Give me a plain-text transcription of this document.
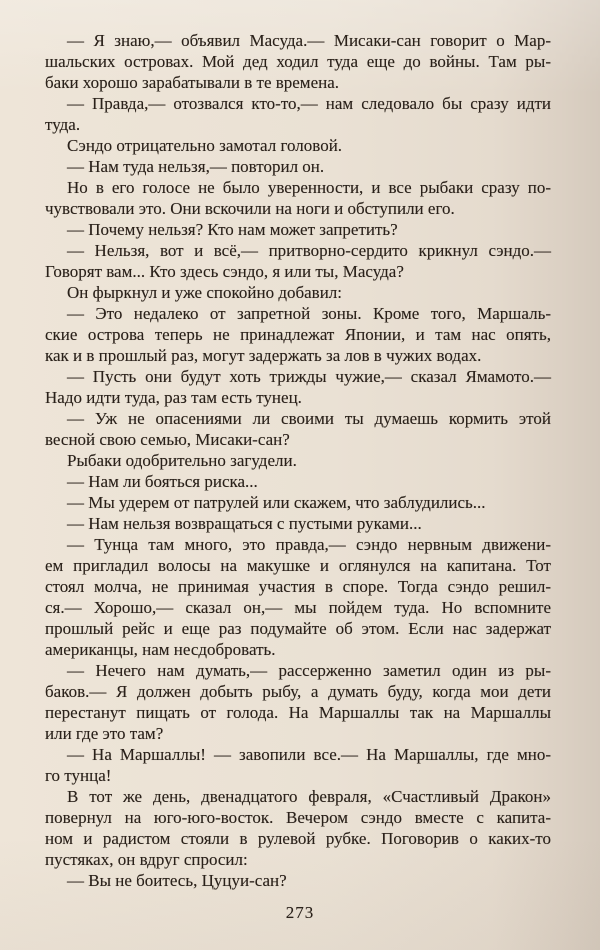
— Я знаю,— объявил Масуда.— Мисаки-сан говорит о Мар-
шальских островах. Мой дед ходил туда еще до войны. Там ры-
баки хорошо зарабатывали в те времена.
— Правда,— отозвался кто-то,— нам следовало бы сразу идти
туда.
Сэндо отрицательно замотал головой.
— Нам туда нельзя,— повторил он.
Но в его голосе не было уверенности, и все рыбаки сразу по-
чувствовали это. Они вскочили на ноги и обступили его.
— Почему нельзя? Кто нам может запретить?
— Нельзя, вот и всё,— притворно-сердито крикнул сэндо.—
Говорят вам... Кто здесь сэндо, я или ты, Масуда?
Он фыркнул и уже спокойно добавил:
— Это недалеко от запретной зоны. Кроме того, Маршаль-
ские острова теперь не принадлежат Японии, и там нас опять,
как и в прошлый раз, могут задержать за лов в чужих водах.
— Пусть они будут хоть трижды чужие,— сказал Ямамото.—
Надо идти туда, раз там есть тунец.
— Уж не опасениями ли своими ты думаешь кормить этой
весной свою семью, Мисаки-сан?
Рыбаки одобрительно загудели.
— Нам ли бояться риска...
— Мы удерем от патрулей или скажем, что заблудились...
— Нам нельзя возвращаться с пустыми руками...
— Тунца там много, это правда,— сэндо нервным движени-
ем пригладил волосы на макушке и оглянулся на капитана. Тот
стоял молча, не принимая участия в споре. Тогда сэндо решил-
ся.— Хорошо,— сказал он,— мы пойдем туда. Но вспомните
прошлый рейс и еще раз подумайте об этом. Если нас задержат
американцы, нам несдобровать.
— Нечего нам думать,— рассерженно заметил один из ры-
баков.— Я должен добыть рыбу, а думать буду, когда мои дети
перестанут пищать от голода. На Маршаллы так на Маршаллы
или где это там?
— На Маршаллы! — завопили все.— На Маршаллы, где мно-
го тунца!
В тот же день, двенадцатого февраля, «Счастливый Дракон»
повернул на юго-юго-восток. Вечером сэндо вместе с капита-
ном и радистом стояли в рулевой рубке. Поговорив о каких-то
пустяках, он вдруг спросил:
— Вы не боитесь, Цуцуи-сан?
273
